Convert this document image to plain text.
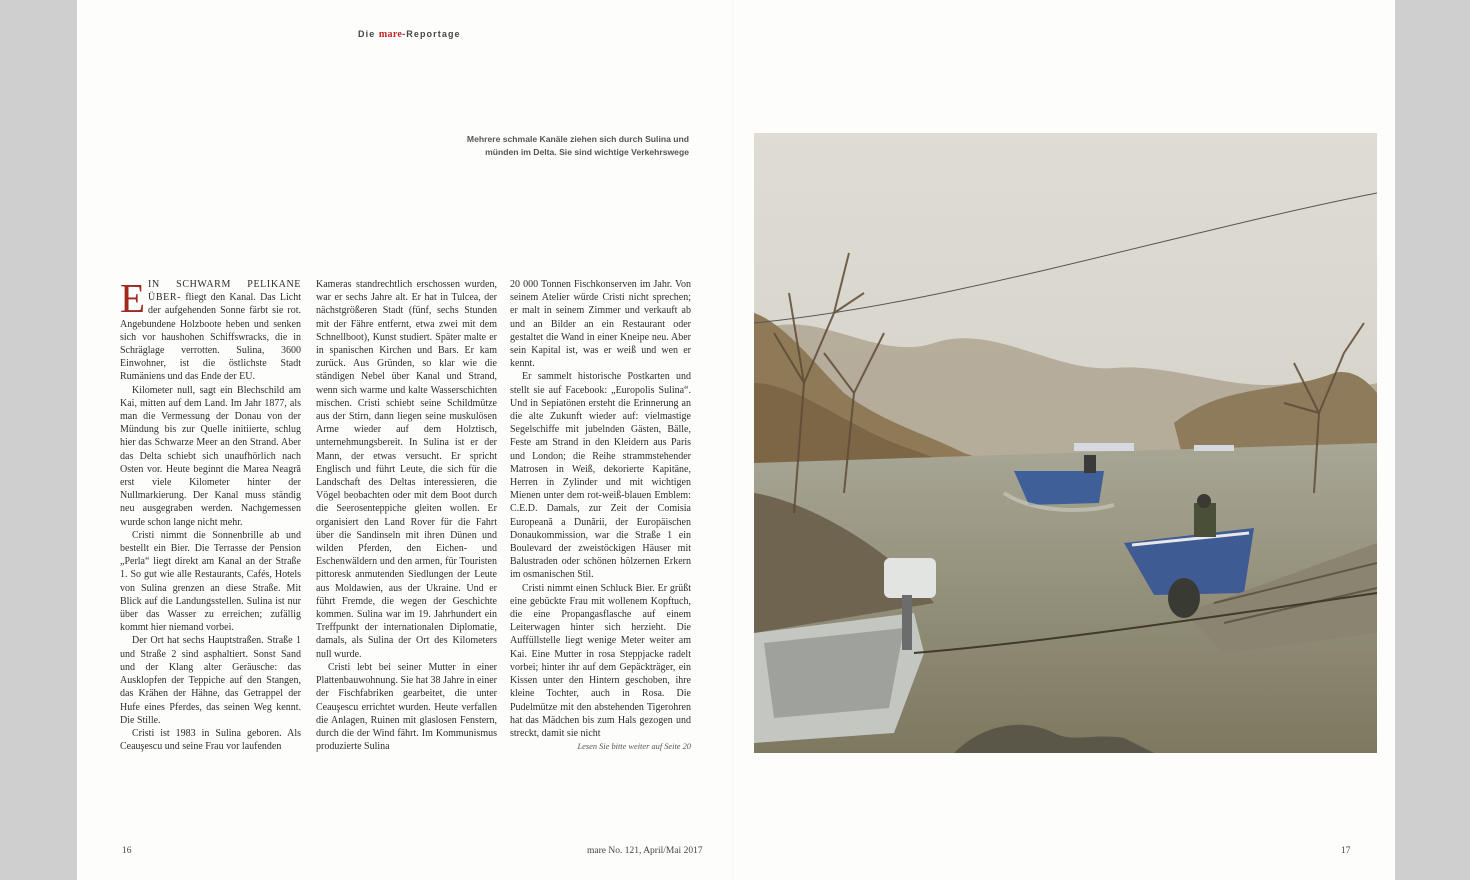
Die mare-Reportage
Mehrere schmale Kanäle ziehen sich durch Sulina und münden im Delta. Sie sind wichtige Verkehrswege

EIN SCHWARM PELIKANE ÜBER- fliegt den Kanal. Das Licht der aufgehenden Sonne färbt sie rot. Angebundene Holzboote heben und senken sich vor haushohen Schiffswracks, die in Schräglage verrotten. Sulina, 3600 Einwohner, ist die östlichste Stadt Rumäniens und das Ende der EU.

Kilometer null, sagt ein Blechschild am Kai, mitten auf dem Land. Im Jahr 1877, als man die Vermessung der Donau von der Mündung bis zur Quelle initiierte, schlug hier das Schwarze Meer an den Strand. Aber das Delta schiebt sich unaufhörlich nach Osten vor. Heute beginnt die Marea Neagră erst viele Kilometer hinter der Nullmarkierung. Der Kanal muss ständig neu ausgegraben werden. Nachgemessen wurde schon lange nicht mehr.

Cristi nimmt die Sonnenbrille ab und bestellt ein Bier. Die Terrasse der Pension „Perla“ liegt direkt am Kanal an der Straße 1. So gut wie alle Restaurants, Cafés, Hotels von Sulina grenzen an diese Straße. Mit Blick auf die Landungsstellen. Sulina ist nur über das Wasser zu erreichen; zufällig kommt hier niemand vorbei.

Der Ort hat sechs Hauptstraßen. Straße 1 und Straße 2 sind asphaltiert. Sonst Sand und der Klang alter Geräusche: das Ausklopfen der Teppiche auf den Stangen, das Krähen der Hähne, das Getrappel der Hufe eines Pferdes, das seinen Weg kennt. Die Stille.

Cristi ist 1983 in Sulina geboren. Als Ceauşescu und seine Frau vor laufenden

Kameras standrechtlich erschossen wurden, war er sechs Jahre alt. Er hat in Tulcea, der nächstgrößeren Stadt (fünf, sechs Stunden mit der Fähre entfernt, etwa zwei mit dem Schnellboot), Kunst studiert. Später malte er in spanischen Kirchen und Bars. Er kam zurück. Aus Gründen, so klar wie die ständigen Nebel über Kanal und Strand, wenn sich warme und kalte Wasserschichten mischen. Cristi schiebt seine Schildmütze aus der Stirn, dann liegen seine muskulösen Arme wieder auf dem Holztisch, unternehmungsbereit. In Sulina ist er der Mann, der etwas versucht. Er spricht Englisch und führt Leute, die sich für die Landschaft des Deltas interessieren, die Vögel beobachten oder mit dem Boot durch die Seerosenteppiche gleiten wollen. Er organisiert den Land Rover für die Fahrt über die Sandinseln mit ihren Dünen und wilden Pferden, den Eichen- und Eschenwäldern und den armen, für Touristen pittoresk anmutenden Siedlungen der Leute aus Moldawien, aus der Ukraine. Und er führt Fremde, die wegen der Geschichte kommen. Sulina war im 19. Jahrhundert ein Treffpunkt der internationalen Diplomatie, damals, als Sulina der Ort des Kilometers null wurde.

Cristi lebt bei seiner Mutter in einer Plattenbauwohnung. Sie hat 38 Jahre in einer der Fischfabriken gearbeitet, die unter Ceauşescu errichtet wurden. Heute verfallen die Anlagen, Ruinen mit glaslosen Fenstern, durch die der Wind fährt. Im Kommunismus produzierte Sulina

20 000 Tonnen Fischkonserven im Jahr. Von seinem Atelier würde Cristi nicht sprechen; er malt in seinem Zimmer und verkauft ab und an Bilder an ein Restaurant oder gestaltet die Wand in einer Kneipe neu. Aber sein Kapital ist, was er weiß und wen er kennt.

Er sammelt historische Postkarten und stellt sie auf Facebook: „Europolis Sulina“. Und in Sepiatönen ersteht die Erinnerung an die alte Zukunft wieder auf: vielmastige Segelschiffe mit jubelnden Gästen, Bälle, Feste am Strand in den Kleidern aus Paris und London; die Reihe strammstehender Matrosen in Weiß, dekorierte Kapitäne, Herren in Zylinder und mit wichtigen Mienen unter dem rot-weiß-blauen Emblem: C.E.D. Damals, zur Zeit der Comisia Europeană a Dunării, der Europäischen Donaukommission, war die Straße 1 ein Boulevard der zweistöckigen Häuser mit Balustraden oder schönen hölzernen Erkern im osmanischen Stil.

Cristi nimmt einen Schluck Bier. Er grüßt eine gebückte Frau mit wollenem Kopftuch, die eine Propangasflasche auf einem Leiterwagen hinter sich herzieht. Die Auffüllstelle liegt wenige Meter weiter am Kai. Eine Mutter in rosa Steppjacke radelt vorbei; hinter ihr auf dem Gepäckträger, ein Kissen unter den Hintern geschoben, ihre kleine Tochter, auch in Rosa. Die Pudelmütze mit den abstehenden Tigerohren hat das Mädchen bis zum Hals gezogen und streckt, damit sie nicht

Lesen Sie bitte weiter auf Seite 20

16	mare No. 121, April/Mai 2017	17
